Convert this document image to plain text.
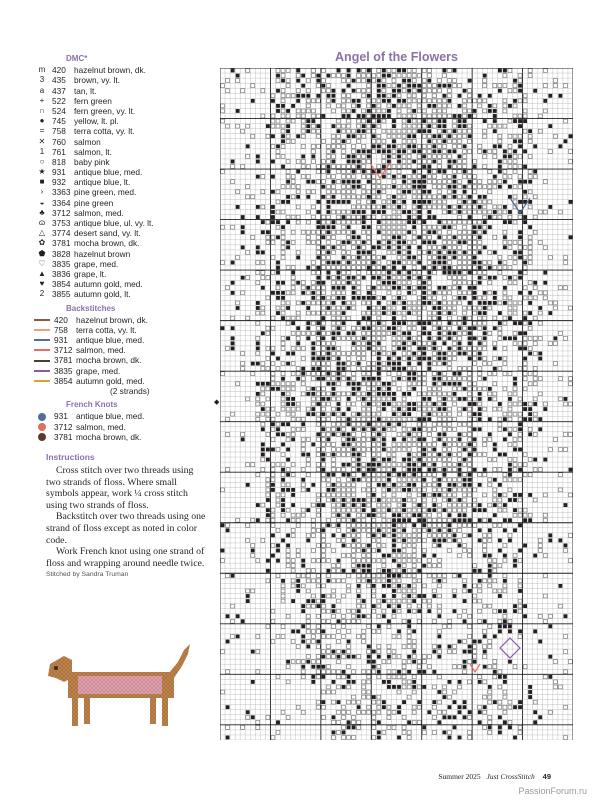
DMC*
m 420 hazelnut brown, dk.
3 435 brown, vy. lt.
a 437 tan, lt.
+ 522 fern green
∩ 524 fern green, vy. lt.
● 745 yellow, lt. pl.
= 758 terra cotta, vy. lt.
✕ 760 salmon
1 761 salmon, lt.
○ 818 baby pink
★ 931 antique blue, med.
■ 932 antique blue, lt.
›	3363 pine green, med.
◒ 3364 pine green
♣ 3712 salmon, med.
ɷ 3753 antique blue, ul. vy. lt.
△ 3774 desert sand, vy. lt.
✿ 3781 mocha brown, dk.
⬟ 3828 hazelnut brown
♡ 3835 grape, med.
▲ 3836 grape, lt.
♥ 3854 autumn gold, med.
2 3855 autumn gold, lt.
Backstitches
420 hazelnut brown, dk.
758 terra cotta, vy. lt.
931 antique blue, med.
3712 salmon, med.
3781 mocha brown, dk.
3835 grape, med.
3854 autumn gold, med.
(2 strands)
French Knots
931 antique blue, med.
3712 salmon, med.
3781 mocha brown, dk.
Instructions

Cross stitch over two threads using two strands of floss. Where small symbols appear, work ¼ cross stitch using two strands of floss.

Backstitch over two threads using one strand of floss except as noted in color code.

Work French knot using one strand of floss and wrapping around needle twice.

Stitched by Sandra Truman
Angel of the Flowers
◆
Summer 2025 Just CrossStitch 49
PassionForum.ru
